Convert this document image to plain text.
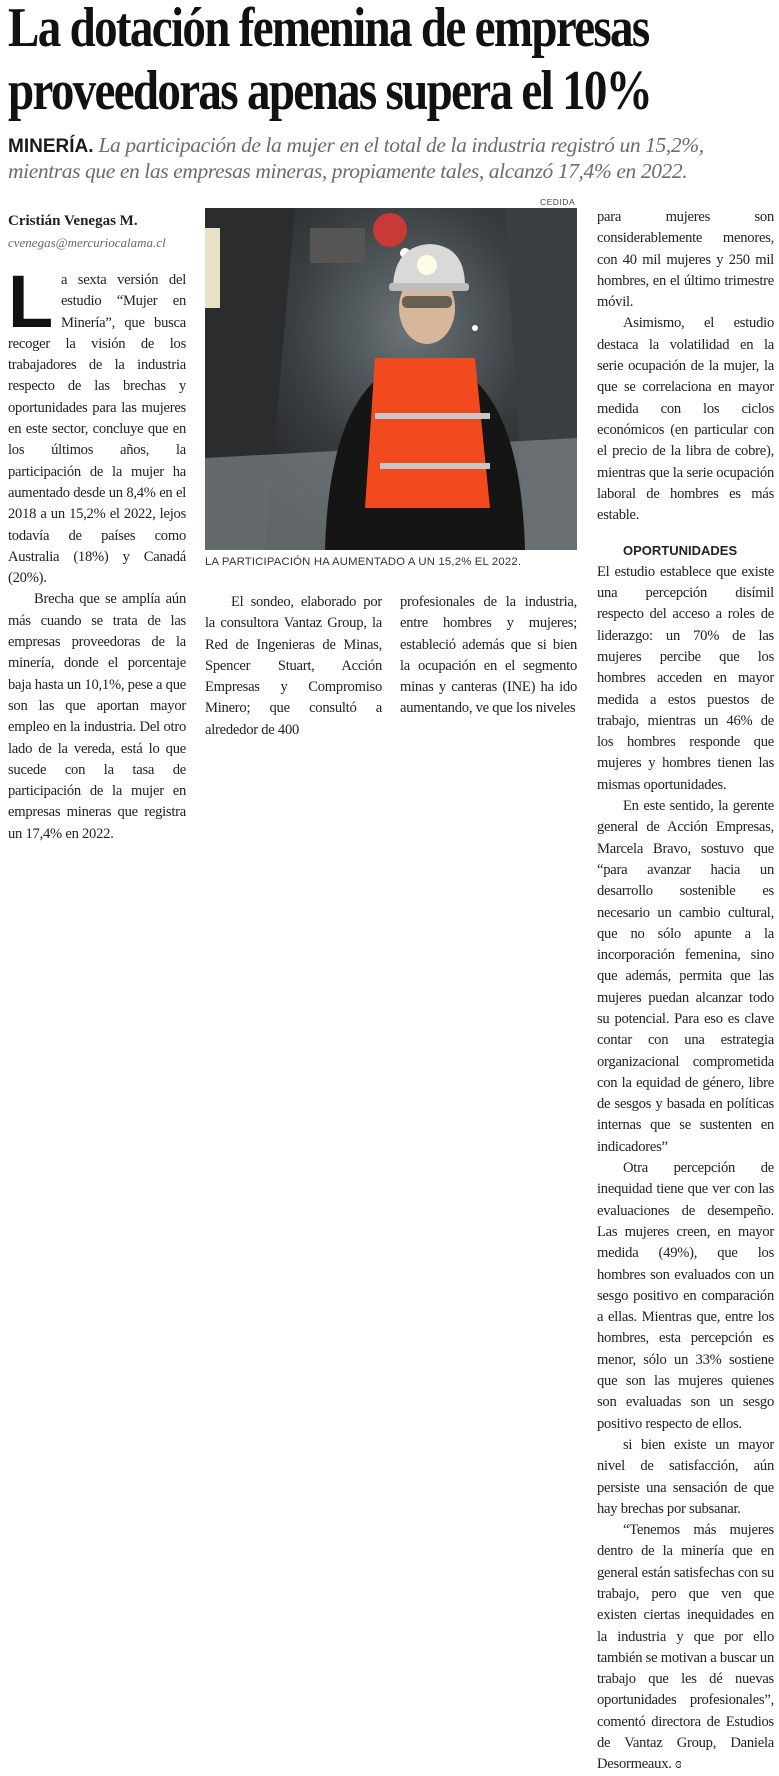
La dotación femenina de empresas
proveedoras apenas supera el 10%
MINERÍA. La participación de la mujer en el total de la industria registró un 15,2%, mientras que en las empresas mineras, propiamente tales, alcanzó 17,4% en 2022.
Cristián Venegas M.
cvenegas@mercuriocalama.cl

La sexta versión del estudio “Mujer en Minería”, que busca recoger la visión de los trabajadores de la industria respecto de las brechas y oportunidades para las mujeres en este sector, concluye que en los últimos años, la participación de la mujer ha aumentado desde un 8,4% en el 2018 a un 15,2% el 2022, lejos todavía de países como Australia (18%) y Canadá (20%).

Brecha que se amplía aún más cuando se trata de las empresas proveedoras de la minería, donde el porcentaje baja hasta un 10,1%, pese a que son las que aportan mayor empleo en la industria. Del otro lado de la vereda, está lo que sucede con la tasa de participación de la mujer en empresas mineras que registra un 17,4% en 2022.

CEDIDA
LA PARTICIPACIÓN HA AUMENTADO A UN 15,2% EL 2022.

El sondeo, elaborado por la consultora Vantaz Group, la Red de Ingenieras de Minas, Spencer Stuart, Acción Empresas y Compromiso Minero; que consultó a alrededor de 400

profesionales de la industria, entre hombres y mujeres; estableció además que si bien la ocupación en el segmento minas y canteras (INE) ha ido aumentando, ve que los niveles

para mujeres son considerablemente menores, con 40 mil mujeres y 250 mil hombres, en el último trimestre móvil.

Asimismo, el estudio destaca la volatilidad en la serie ocupación de la mujer, la que se correlaciona en mayor medida con los ciclos económicos (en particular con el precio de la libra de cobre), mientras que la serie ocupación laboral de hombres es más estable.

OPORTUNIDADES

El estudio establece que existe una percepción disímil respecto del acceso a roles de liderazgo: un 70% de las mujeres percibe que los hombres acceden en mayor medida a estos puestos de trabajo, mientras un 46% de los hombres responde que mujeres y hombres tienen las mismas oportunidades.

En este sentido, la gerente general de Acción Empresas, Marcela Bravo, sostuvo que “para avanzar hacia un desarrollo sostenible es necesario un cambio cultural, que no sólo apunte a la incorporación femenina, sino que además, permita que las mujeres puedan alcanzar todo su potencial. Para eso es clave contar con una estrategia organizacional comprometida con la equidad de género, libre de sesgos y basada en políticas internas que se sustenten en indicadores”

Otra percepción de inequidad tiene que ver con las evaluaciones de desempeño. Las mujeres creen, en mayor medida (49%), que los hombres son evaluados con un sesgo positivo en comparación a ellas. Mientras que, entre los hombres, esta percepción es menor, sólo un 33% sostiene que son las mujeres quienes son evaluadas son un sesgo positivo respecto de ellos.

si bien existe un mayor nivel de satisfacción, aún persiste una sensación de que hay brechas por subsanar.

“Tenemos más mujeres dentro de la minería que en general están satisfechas con su trabajo, pero que ven que existen ciertas inequidades en la industria y que por ello también se motivan a buscar un trabajo que les dé nuevas oportunidades profesionales”, comentó directora de Estudios de Vantaz Group, Daniela Desormeaux. ɞ
